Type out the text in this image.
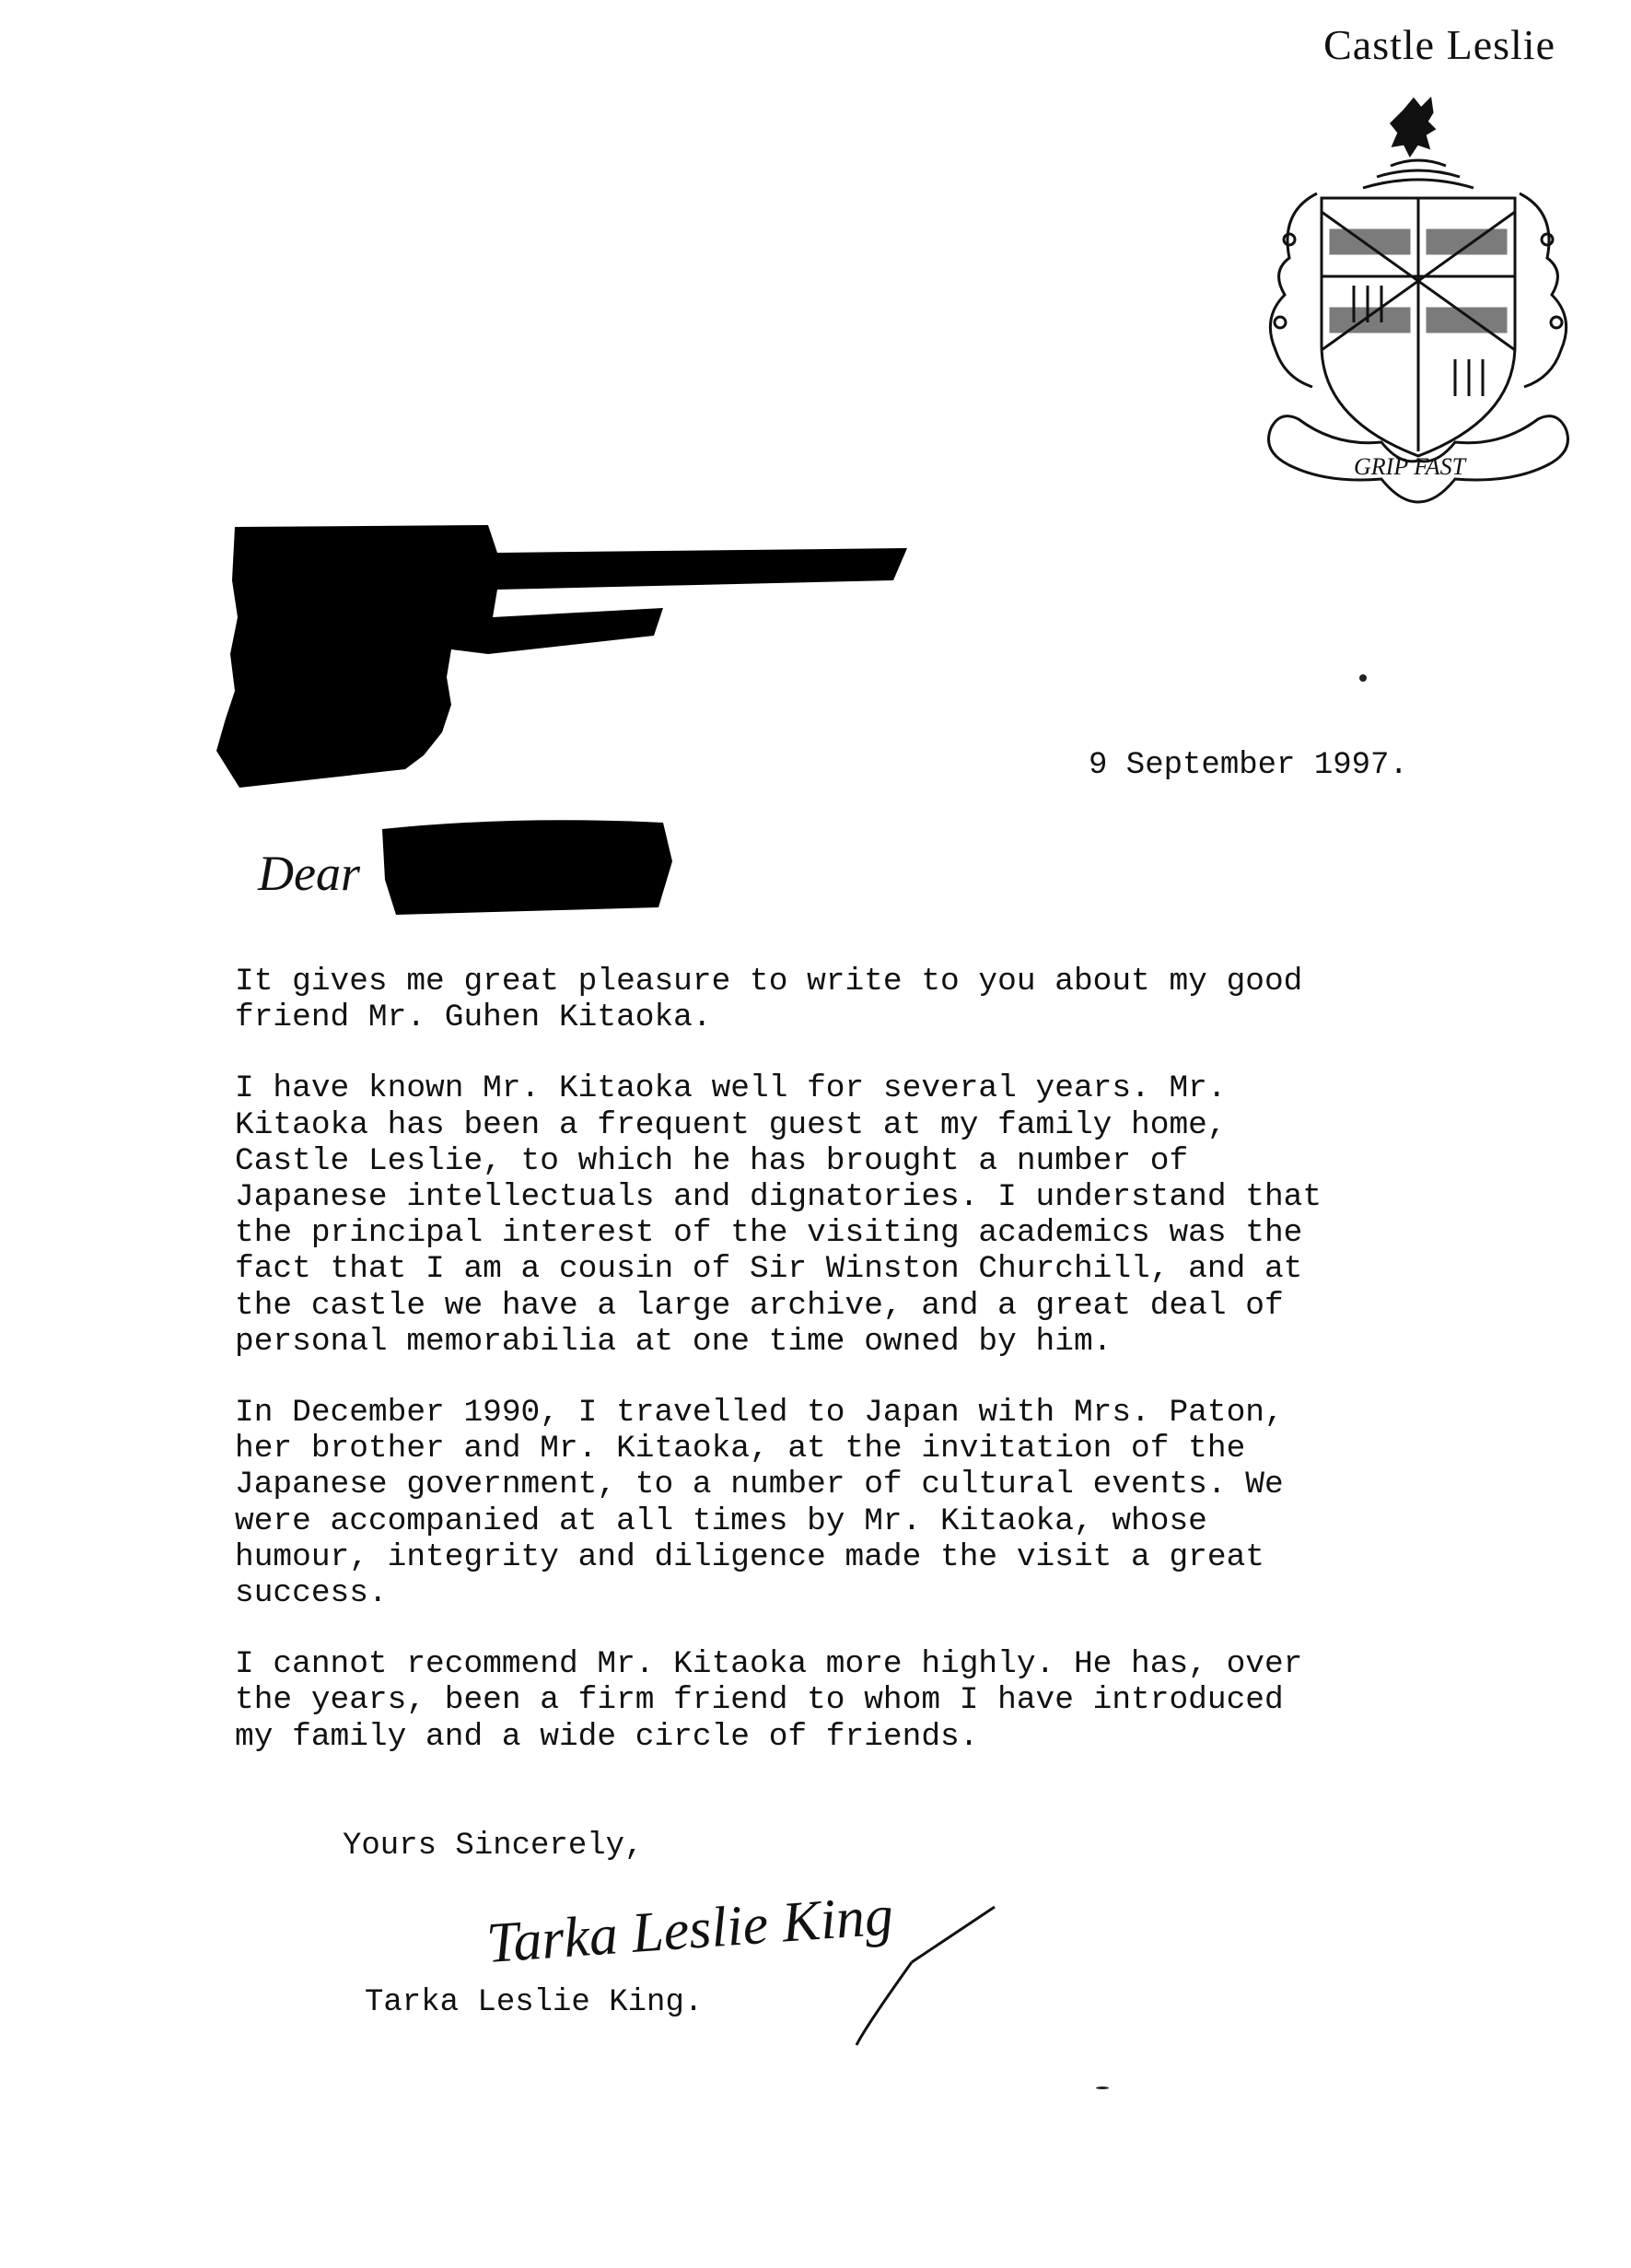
Castle Leslie
GRIP FAST
9 September 1997.
Dear

It gives me great pleasure to write to you about my good
friend Mr. Guhen Kitaoka.

I have known Mr. Kitaoka well for several years. Mr.
Kitaoka has been a frequent guest at my family home,
Castle Leslie, to which he has brought a number of
Japanese intellectuals and dignatories. I understand that
the principal interest of the visiting academics was the
fact that I am a cousin of Sir Winston Churchill, and at
the castle we have a large archive, and a great deal of
personal memorabilia at one time owned by him.

In December 1990, I travelled to Japan with Mrs. Paton,
her brother and Mr. Kitaoka, at the invitation of the
Japanese government, to a number of cultural events. We
were accompanied at all times by Mr. Kitaoka, whose
humour, integrity and diligence made the visit a great
success.

I cannot recommend Mr. Kitaoka more highly. He has, over
the years, been a firm friend to whom I have introduced
my family and a wide circle of friends.

Yours Sincerely,
Tarka Leslie King
Tarka Leslie King.
